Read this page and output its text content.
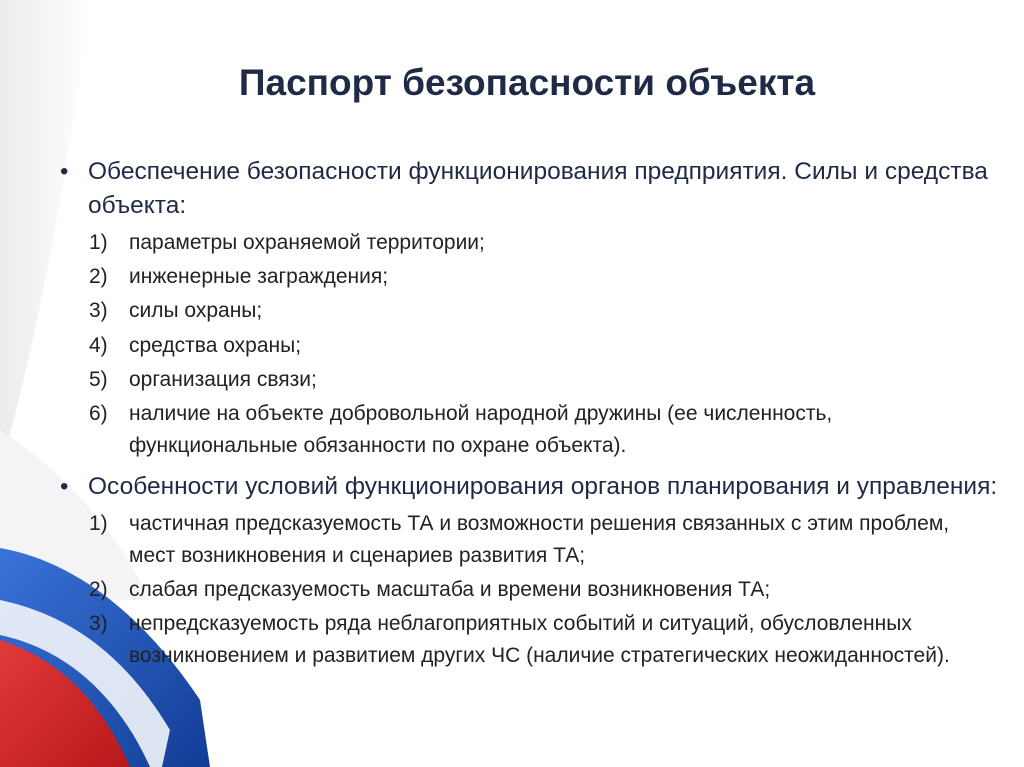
Паспорт безопасности объекта
• Обеспечение безопасности функционирования предприятия. Силы и средства объекта:
1) параметры охраняемой территории;
2) инженерные заграждения;
3) силы охраны;
4) средства охраны;
5) организация связи;
6) наличие на объекте добровольной народной дружины (ее численность, функциональные обязанности по охране объекта).
• Особенности условий функционирования органов планирования и управления:
1) частичная предсказуемость ТА и возможности решения связанных с этим проблем, мест возникновения и сценариев развития ТА;
2) слабая предсказуемость масштаба и времени возникновения ТА;
3) непредсказуемость ряда неблагоприятных событий и ситуаций, обусловленных возникновением и развитием других ЧС (наличие стратегических неожиданностей).
